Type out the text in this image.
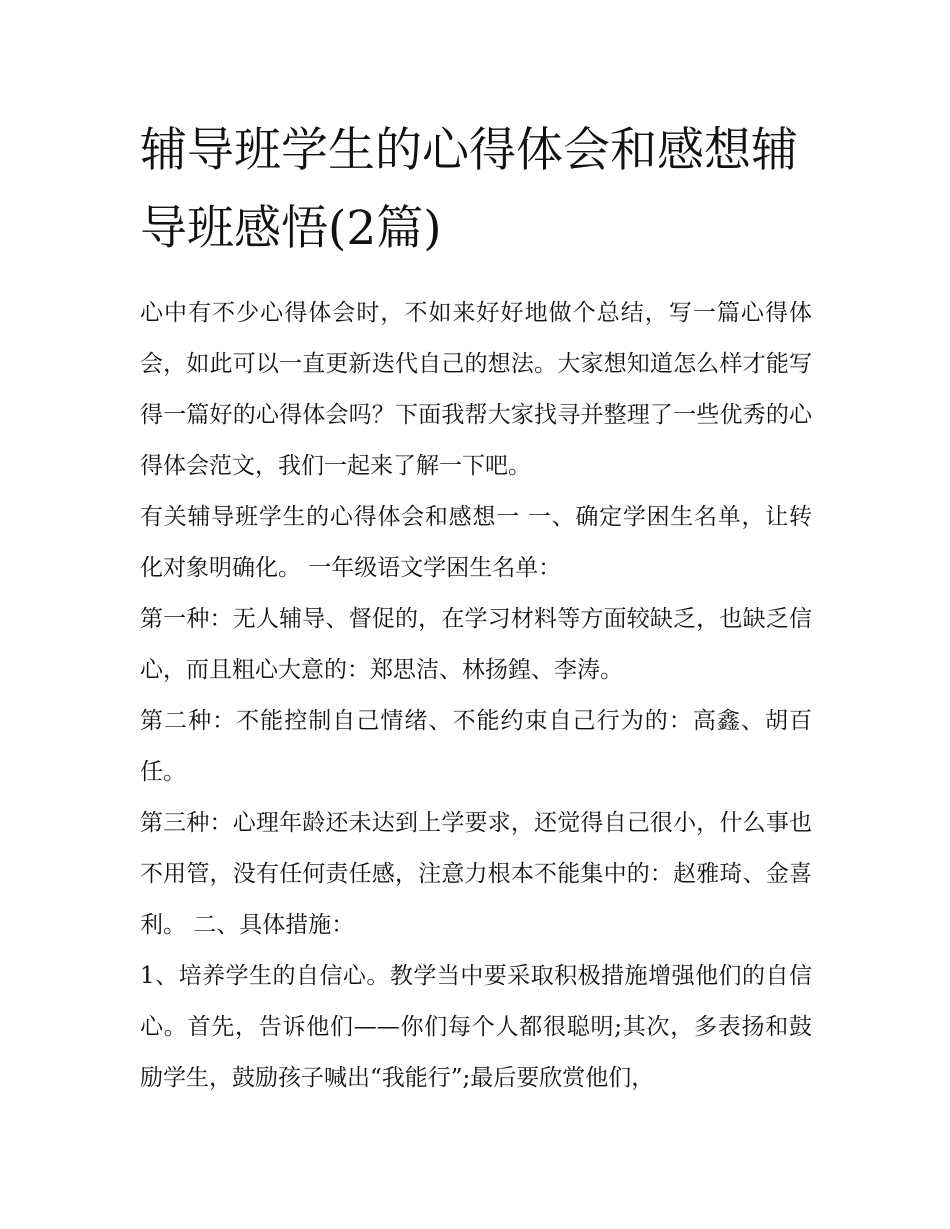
辅导班学生的心得体会和感想辅导班感悟(2篇)

心中有不少心得体会时，不如来好好地做个总结，写一篇心得体会，如此可以一直更新迭代自己的想法。大家想知道怎么样才能写得一篇好的心得体会吗？下面我帮大家找寻并整理了一些优秀的心得体会范文，我们一起来了解一下吧。

有关辅导班学生的心得体会和感想一 一、确定学困生名单，让转化对象明确化。 一年级语文学困生名单：

第一种：无人辅导、督促的，在学习材料等方面较缺乏，也缺乏信心，而且粗心大意的：郑思洁、林扬鍠、李涛。

第二种：不能控制自己情绪、不能约束自己行为的：高鑫、胡百任。

第三种：心理年龄还未达到上学要求，还觉得自己很小，什么事也不用管，没有任何责任感，注意力根本不能集中的：赵雅琦、金喜利。 二、具体措施：

1、培养学生的自信心。教学当中要采取积极措施增强他们的自信心。首先，告诉他们——你们每个人都很聪明;其次，多表扬和鼓励学生，鼓励孩子喊出“我能行”;最后要欣赏他们，
